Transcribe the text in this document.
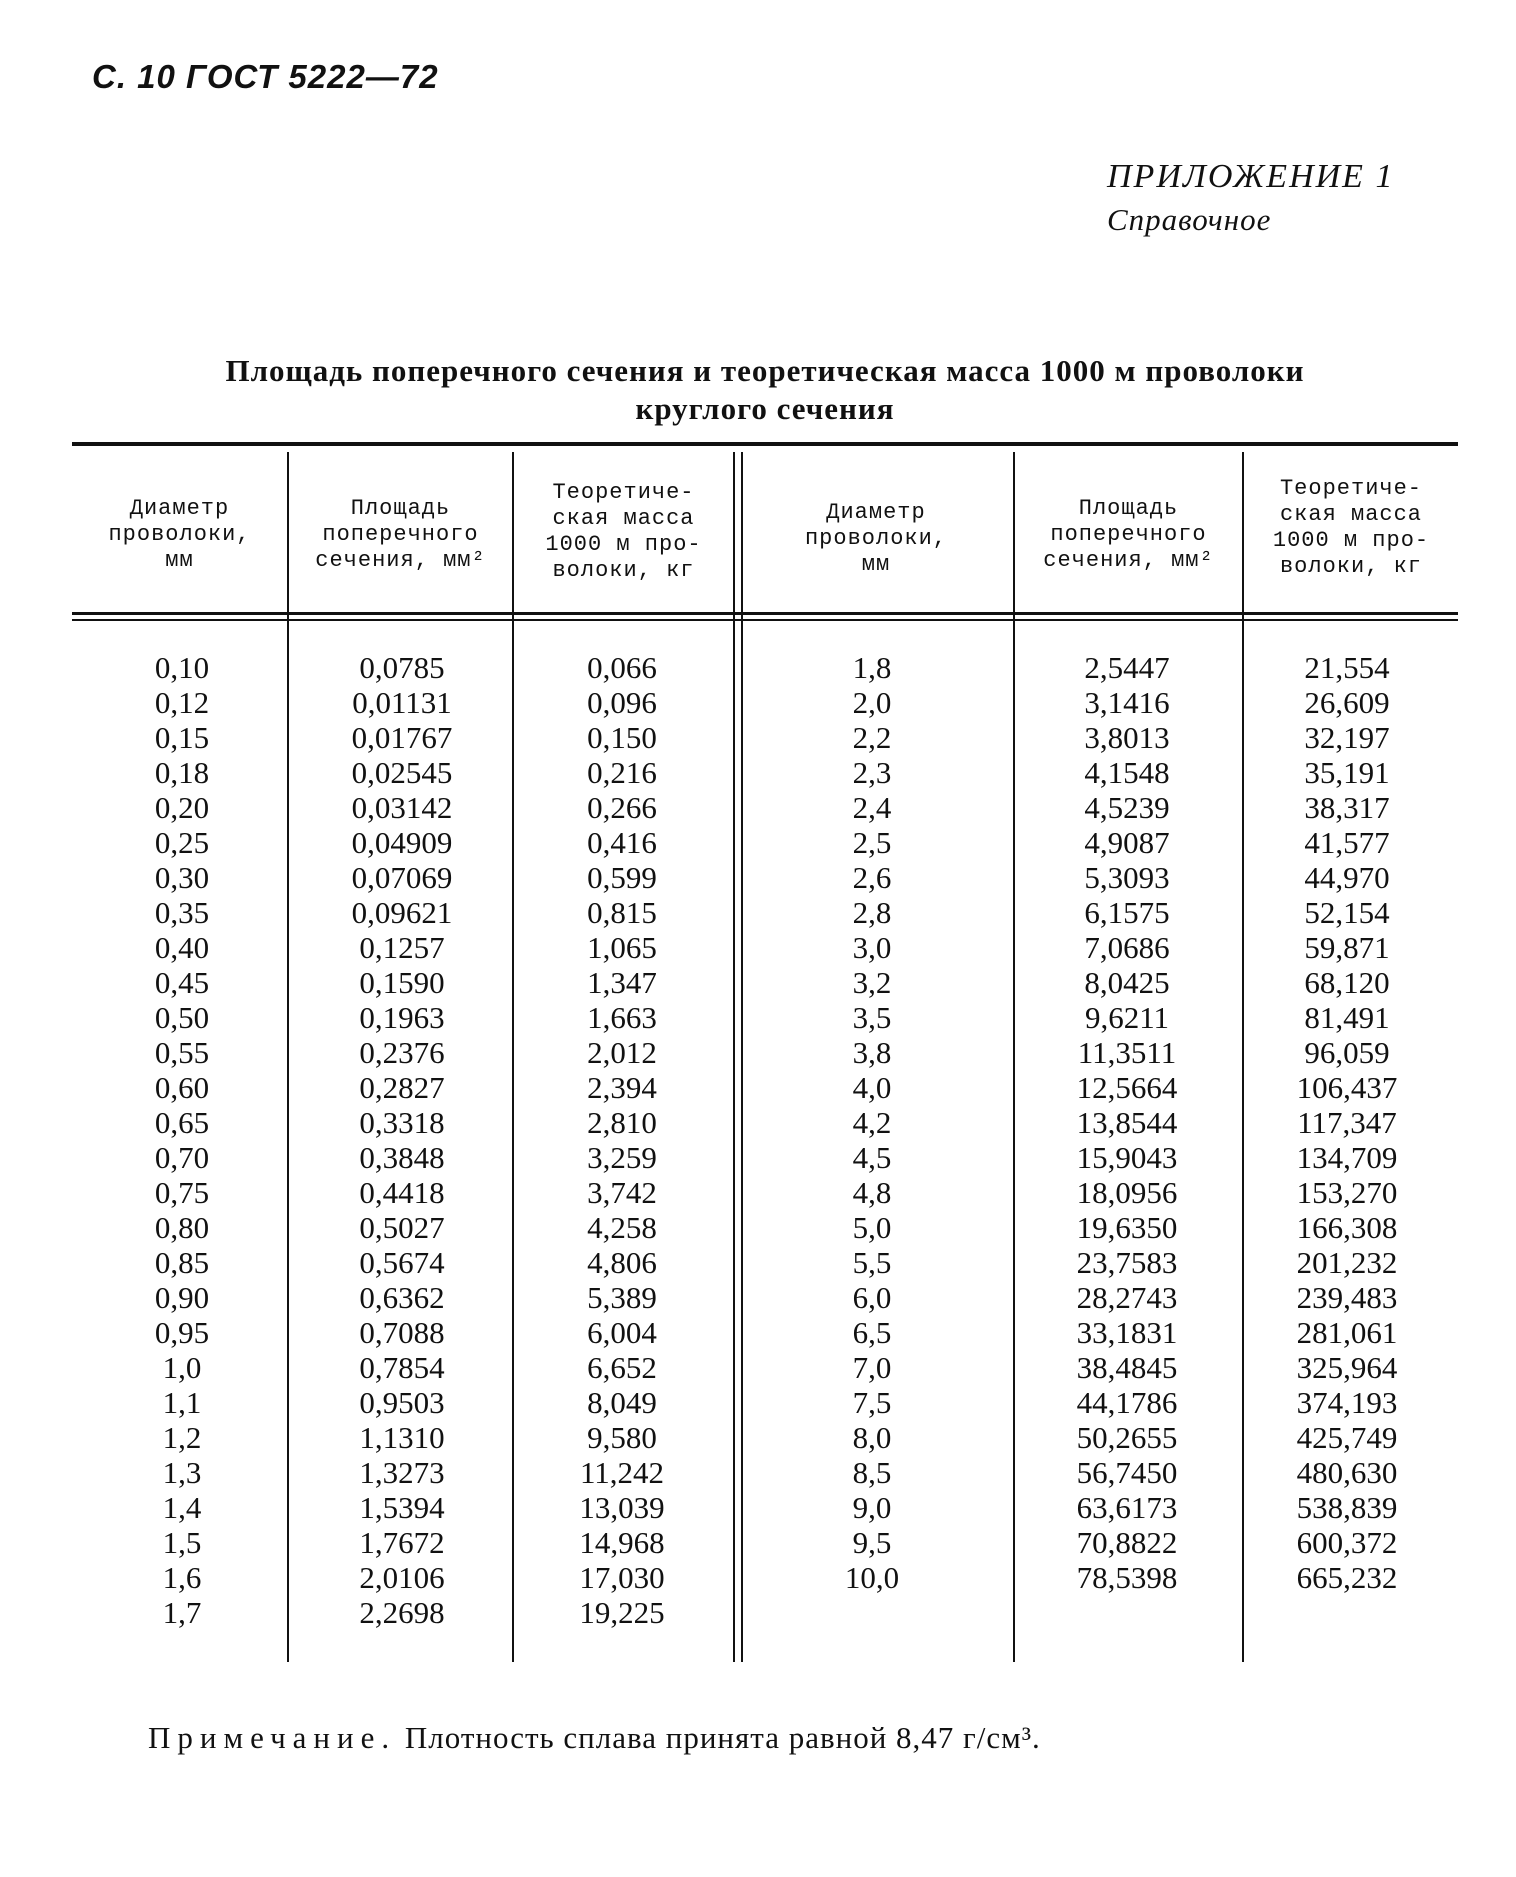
С. 10 ГОСТ 5222—72
ПРИЛОЖЕНИЕ 1
Справочное
Площадь поперечного сечения и теоретическая масса 1000 м проволоки
круглого сечения
Диаметр
проволоки,
мм
Площадь
поперечного
сечения, мм²
Теоретиче-
ская масса
1000 м про-
волоки, кг
Диаметр
проволоки,
мм
Площадь
поперечного
сечения, мм²
Теоретиче-
ская масса
1000 м про-
волоки, кг
0,10
0,12
0,15
0,18
0,20
0,25
0,30
0,35
0,40
0,45
0,50
0,55
0,60
0,65
0,70
0,75
0,80
0,85
0,90
0,95
1,0
1,1
1,2
1,3
1,4
1,5
1,6
1,7
0,0785
0,01131
0,01767
0,02545
0,03142
0,04909
0,07069
0,09621
0,1257
0,1590
0,1963
0,2376
0,2827
0,3318
0,3848
0,4418
0,5027
0,5674
0,6362
0,7088
0,7854
0,9503
1,1310
1,3273
1,5394
1,7672
2,0106
2,2698
0,066
0,096
0,150
0,216
0,266
0,416
0,599
0,815
1,065
1,347
1,663
2,012
2,394
2,810
3,259
3,742
4,258
4,806
5,389
6,004
6,652
8,049
9,580
11,242
13,039
14,968
17,030
19,225
1,8
2,0
2,2
2,3
2,4
2,5
2,6
2,8
3,0
3,2
3,5
3,8
4,0
4,2
4,5
4,8
5,0
5,5
6,0
6,5
7,0
7,5
8,0
8,5
9,0
9,5
10,0
2,5447
3,1416
3,8013
4,1548
4,5239
4,9087
5,3093
6,1575
7,0686
8,0425
9,6211
11,3511
12,5664
13,8544
15,9043
18,0956
19,6350
23,7583
28,2743
33,1831
38,4845
44,1786
50,2655
56,7450
63,6173
70,8822
78,5398
21,554
26,609
32,197
35,191
38,317
41,577
44,970
52,154
59,871
68,120
81,491
96,059
106,437
117,347
134,709
153,270
166,308
201,232
239,483
281,061
325,964
374,193
425,749
480,630
538,839
600,372
665,232
Примечание. Плотность сплава принята равной 8,47 г/см³.
